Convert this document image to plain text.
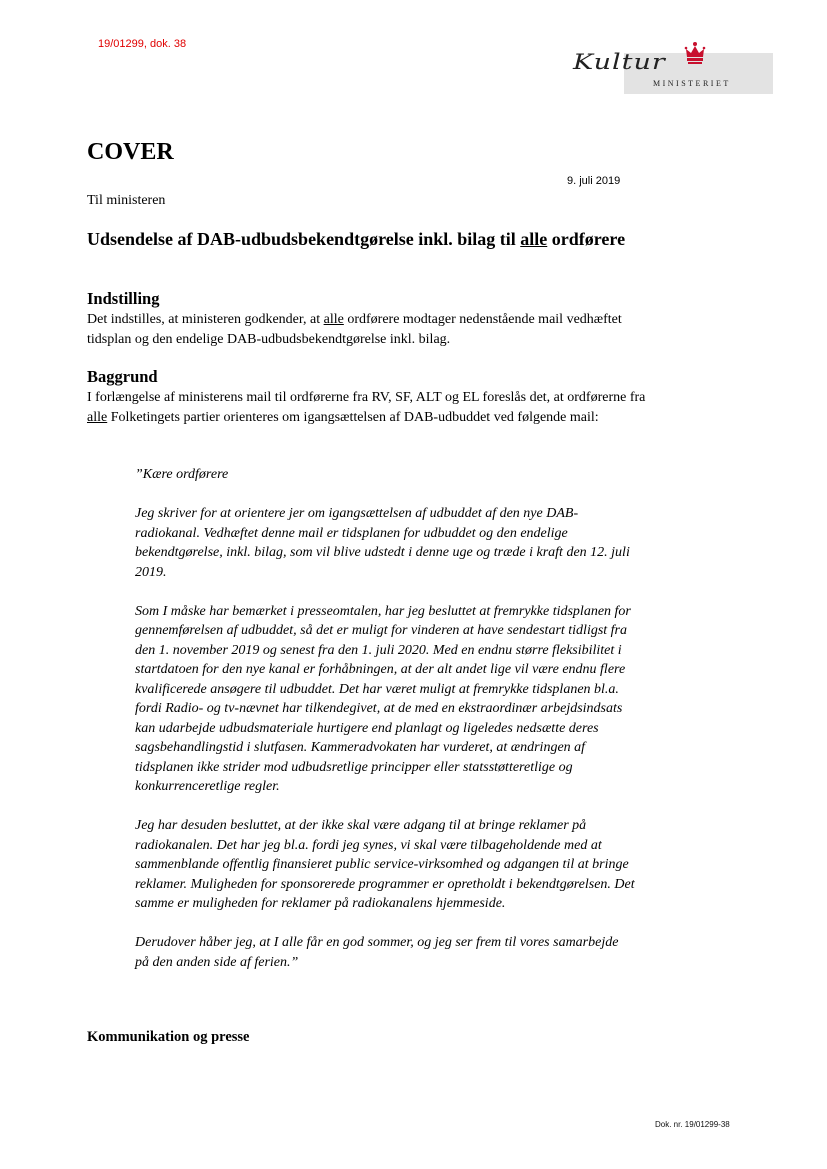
19/01299, dok. 38
Kultur
MINISTERIET
COVER
9. juli 2019
Til ministeren
Udsendelse af DAB-udbudsbekendtgørelse inkl. bilag til alle ordførere
Indstilling

Det indstilles, at ministeren godkender, at alle ordførere modtager nedenstående mail vedhæftet tidsplan og den endelige DAB-udbudsbekendtgørelse inkl. bilag.

Baggrund

I forlængelse af ministerens mail til ordførerne fra RV, SF, ALT og EL foreslås det, at ordførerne fra alle Folketingets partier orienteres om igangsættelsen af DAB-udbuddet ved følgende mail:

”Kære ordførere

Jeg skriver for at orientere jer om igangsættelsen af udbuddet af den nye DAB-radiokanal. Vedhæftet denne mail er tidsplanen for udbuddet og den endelige bekendtgørelse, inkl. bilag, som vil blive udstedt i denne uge og træde i kraft den 12. juli 2019.

Som I måske har bemærket i presseomtalen, har jeg besluttet at fremrykke tidsplanen for gennemførelsen af udbuddet, så det er muligt for vinderen at have sendestart tidligst fra den 1. november 2019 og senest fra den 1. juli 2020. Med en endnu større fleksibilitet i startdatoen for den nye kanal er forhåbningen, at der alt andet lige vil være endnu flere kvalificerede ansøgere til udbuddet. Det har været muligt at fremrykke tidsplanen bl.a. fordi Radio- og tv-nævnet har tilkendegivet, at de med en ekstraordinær arbejdsindsats kan udarbejde udbudsmateriale hurtigere end planlagt og ligeledes nedsætte deres sagsbehandlingstid i slutfasen. Kammeradvokaten har vurderet, at ændringen af tidsplanen ikke strider mod udbudsretlige principper eller statsstøtteretlige og konkurrenceretlige regler.

Jeg har desuden besluttet, at der ikke skal være adgang til at bringe reklamer på radiokanalen. Det har jeg bl.a. fordi jeg synes, vi skal være tilbageholdende med at sammenblande offentlig finansieret public service-virksomhed og adgangen til at bringe reklamer. Muligheden for sponsorerede programmer er opretholdt i bekendtgørelsen. Det samme er muligheden for reklamer på radiokanalens hjemmeside.

Derudover håber jeg, at I alle får en god sommer, og jeg ser frem til vores samarbejde på den anden side af ferien.”

Kommunikation og presse
Dok. nr. 19/01299-38
